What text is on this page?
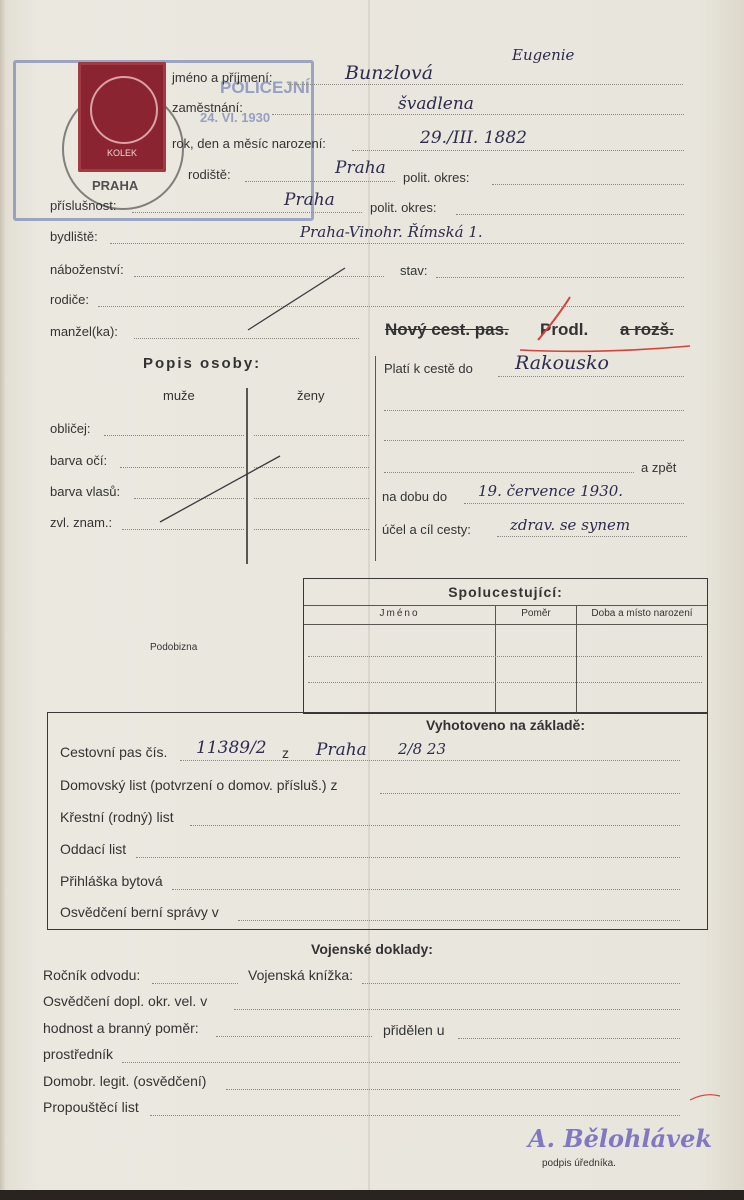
POLICEJNÍ
24. VI. 1930
PRAHA
KOLEK
jméno a příjmení:	Bunzlová
Eugenie
zaměstnání:	švadlena
rok, den a měsíc narození:	29./III. 1882
rodiště:	Praha polit. okres:
příslušnost:	Praha	polit. okres:
bydliště:	Praha-Vinohr. Římská 1.
náboženství:	stav:
rodiče:
manžel(ka):	Nový cest. pas. Prodl. a rozš.
Popis osoby:
muže	ženy
obličej:
barva očí:
barva vlasů:
zvl. znam.:
Platí k cestě do Rakousko
a zpět
na dobu do 19. července 1930.
účel a cíl cesty:	zdrav. se synem
Podobizna
Spolucestující:
Jméno	Poměr	Doba a místo narození
Vyhotoveno na základě:
Cestovní pas čís. 11389/2 z Praha 2/8 23
Domovský list (potvrzení o domov. přísluš.) z
Křestní (rodný) list
Oddací list
Přihláška bytová
Osvědčení berní správy v
Vojenské doklady:
Ročník odvodu:	Vojenská knížka:
Osvědčení dopl. okr. vel. v
hodnost a branný poměr:	přidělen u
prostředník
Domobr. legit. (osvědčení)
Propouštěcí list
A. Bělohlávek
podpis úředníka.
